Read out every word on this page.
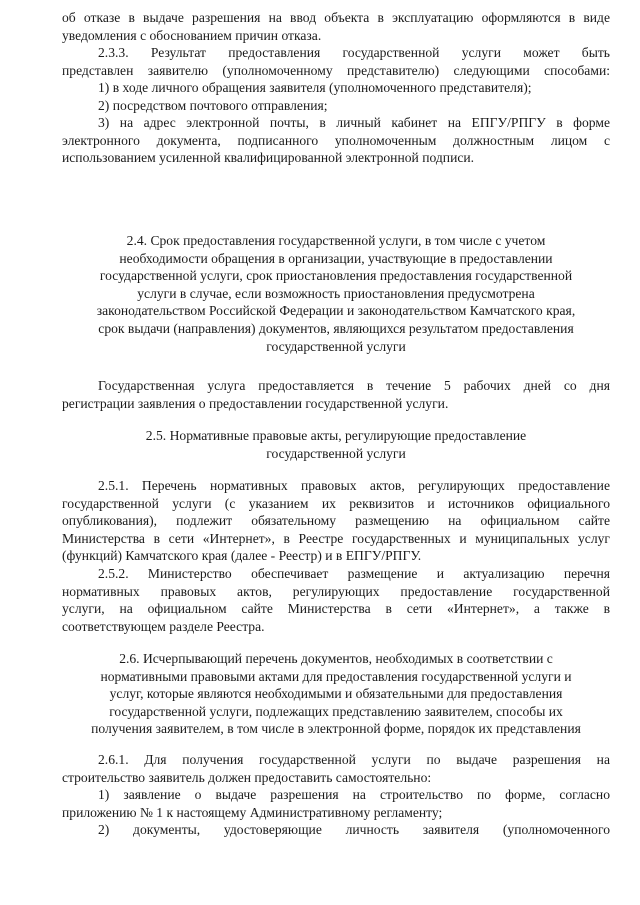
об отказе в выдаче разрешения на ввод объекта в эксплуатацию оформляются в виде
уведомления с обоснованием причин отказа.
2.3.3. Результат предоставления государственной услуги может быть
представлен заявителю (уполномоченному представителю) следующими способами:
1) в ходе личного обращения заявителя (уполномоченного представителя);
2) посредством почтового отправления;
3) на адрес электронной почты, в личный кабинет на ЕПГУ/РПГУ в форме
электронного документа, подписанного уполномоченным должностным лицом с
использованием усиленной квалифицированной электронной подписи.
2.4. Срок предоставления государственной услуги, в том числе с учетом
необходимости обращения в организации, участвующие в предоставлении
государственной услуги, срок приостановления предоставления государственной
услуги в случае, если возможность приостановления предусмотрена
законодательством Российской Федерации и законодательством Камчатского края,
срок выдачи (направления) документов, являющихся результатом предоставления
государственной услуги
Государственная услуга предоставляется в течение 5 рабочих дней со дня
регистрации заявления о предоставлении государственной услуги.
2.5. Нормативные правовые акты, регулирующие предоставление
государственной услуги
2.5.1. Перечень нормативных правовых актов, регулирующих предоставление
государственной услуги (с указанием их реквизитов и источников официального
опубликования), подлежит обязательному размещению на официальном сайте
Министерства в сети «Интернет», в Реестре государственных и муниципальных услуг
(функций) Камчатского края (далее - Реестр) и в ЕПГУ/РПГУ.
2.5.2. Министерство обеспечивает размещение и актуализацию перечня
нормативных правовых актов, регулирующих предоставление государственной
услуги, на официальном сайте Министерства в сети «Интернет», а также в
соответствующем разделе Реестра.
2.6. Исчерпывающий перечень документов, необходимых в соответствии с
нормативными правовыми актами для предоставления государственной услуги и
услуг, которые являются необходимыми и обязательными для предоставления
государственной услуги, подлежащих представлению заявителем, способы их
получения заявителем, в том числе в электронной форме, порядок их представления
2.6.1. Для получения государственной услуги по выдаче разрешения на
строительство заявитель должен предоставить самостоятельно:
1) заявление о выдаче разрешения на строительство по форме, согласно
приложению № 1 к настоящему Административному регламенту;
2) документы, удостоверяющие личность заявителя (уполномоченного
